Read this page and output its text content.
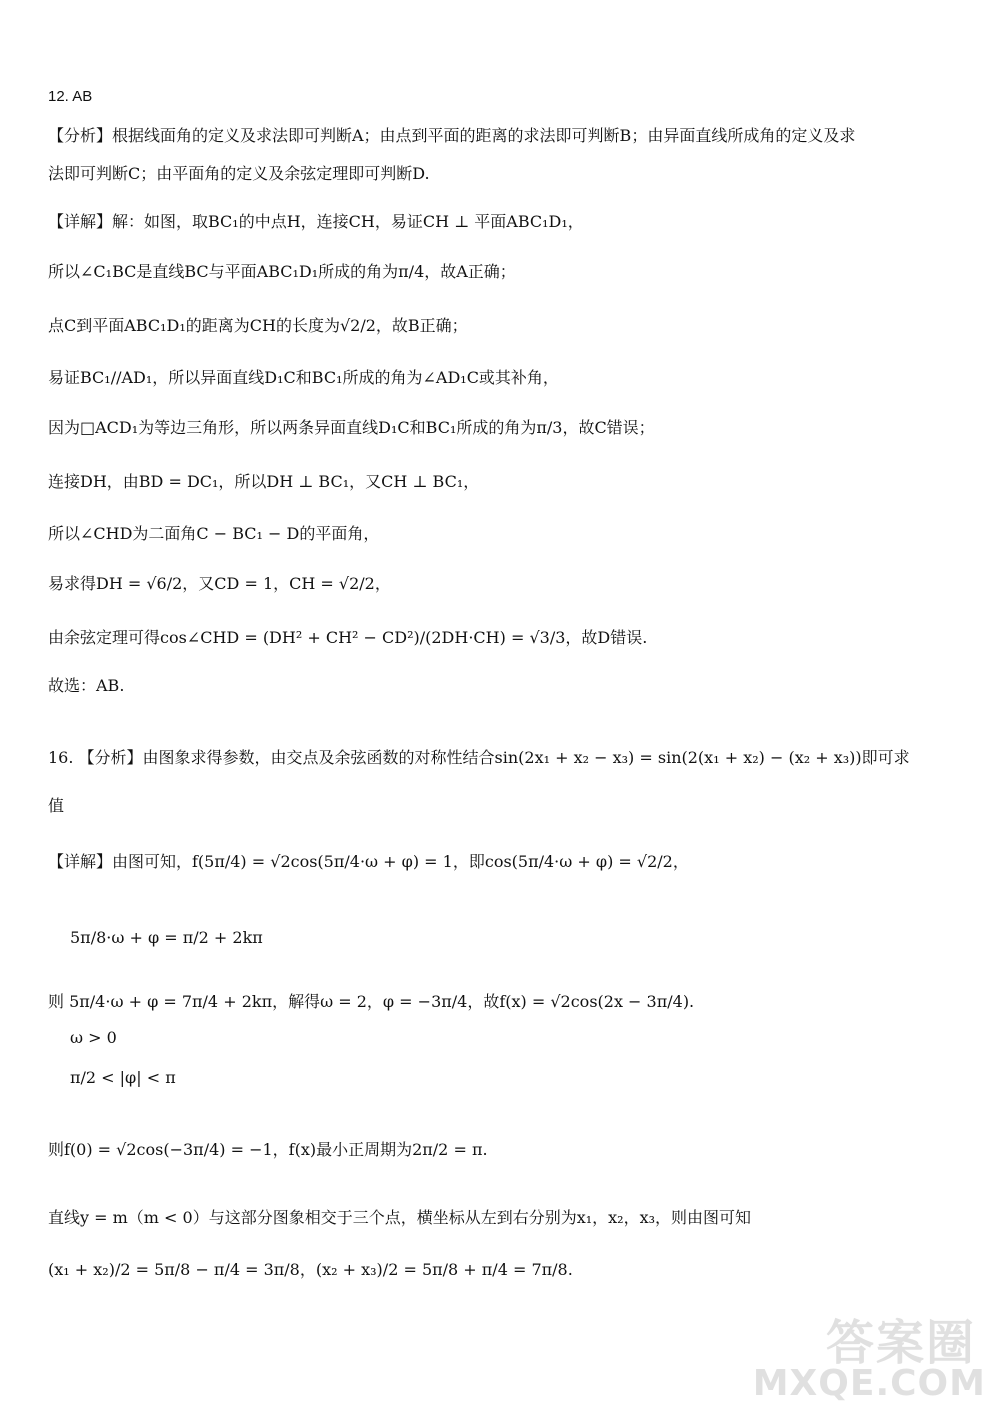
12. AB
【分析】根据线面角的定义及求法即可判断A；由点到平面的距离的求法即可判断B；由异面直线所成角的定义及求
法即可判断C；由平面角的定义及余弦定理即可判断D.
【详解】解：如图，取BC₁的中点H，连接CH，易证CH ⊥ 平面ABC₁D₁，
所以∠C₁BC是直线BC与平面ABC₁D₁所成的角为π/4，故A正确；
点C到平面ABC₁D₁的距离为CH的长度为√2/2，故B正确；
易证BC₁//AD₁，所以异面直线D₁C和BC₁所成的角为∠AD₁C或其补角，
因为□ACD₁为等边三角形，所以两条异面直线D₁C和BC₁所成的角为π/3，故C错误；
连接DH，由BD = DC₁，所以DH ⊥ BC₁，又CH ⊥ BC₁，
所以∠CHD为二面角C − BC₁ − D的平面角，
易求得DH = √6/2，又CD = 1，CH = √2/2，
由余弦定理可得cos∠CHD = (DH² + CH² − CD²)/(2DH·CH) = √3/3，故D错误.
故选：AB.
16. 【分析】由图象求得参数，由交点及余弦函数的对称性结合sin(2x₁ + x₂ − x₃) = sin(2(x₁ + x₂) − (x₂ + x₃))即可求
值
【详解】由图可知，f(5π/4) = √2cos(5π/4·ω + φ) = 1，即cos(5π/4·ω + φ) = √2/2，
5π/8·ω + φ = π/2 + 2kπ
则 5π/4·ω + φ = 7π/4 + 2kπ，解得ω = 2，φ = −3π/4，故f(x) = √2cos(2x − 3π/4).
ω > 0
π/2 < |φ| < π
则f(0) = √2cos(−3π/4) = −1，f(x)最小正周期为2π/2 = π.
直线y = m（m < 0）与这部分图象相交于三个点，横坐标从左到右分别为x₁，x₂，x₃，则由图可知
(x₁ + x₂)/2 = 5π/8 − π/4 = 3π/8，(x₂ + x₃)/2 = 5π/8 + π/4 = 7π/8.
答案圈
MXQE.COM
